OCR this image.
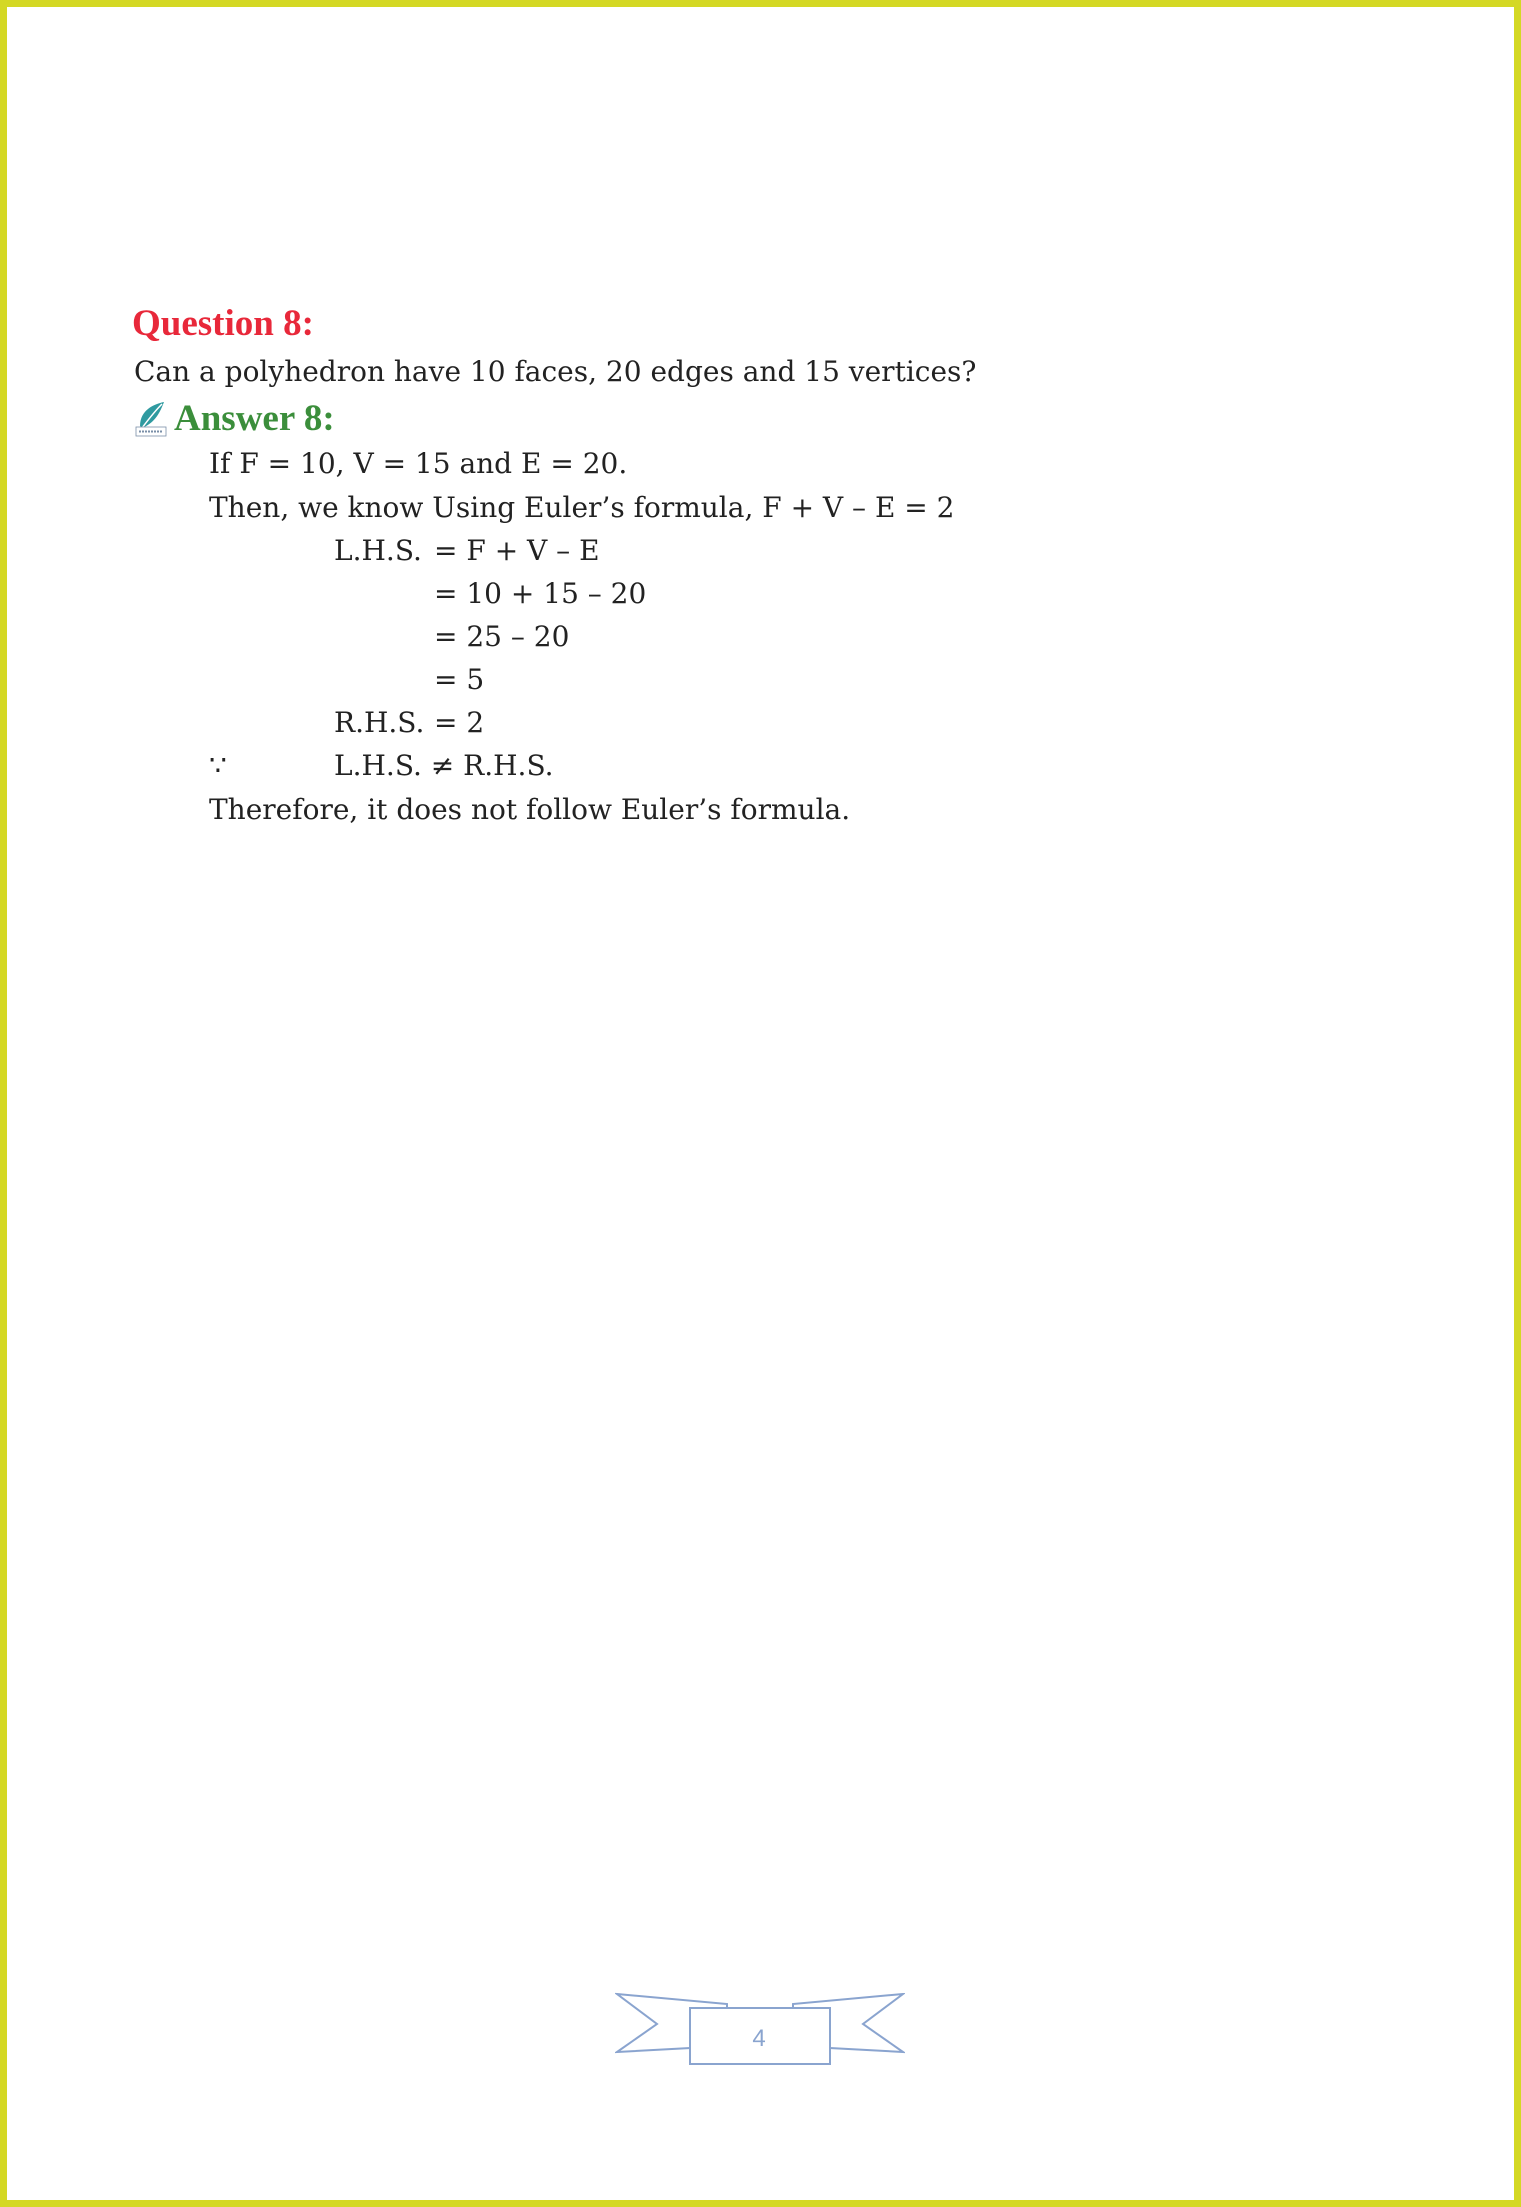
Question 8:
Can a polyhedron have 10 faces, 20 edges and 15 vertices?
Answer 8:
If F = 10, V = 15 and E = 20.
Then, we know Using Euler’s formula, F + V – E = 2
L.H.S. = F + V – E
= 10 + 15 – 20
= 25 – 20
= 5
R.H.S. = 2
∵	L.H.S. ≠ R.H.S.
Therefore, it does not follow Euler’s formula.
4
